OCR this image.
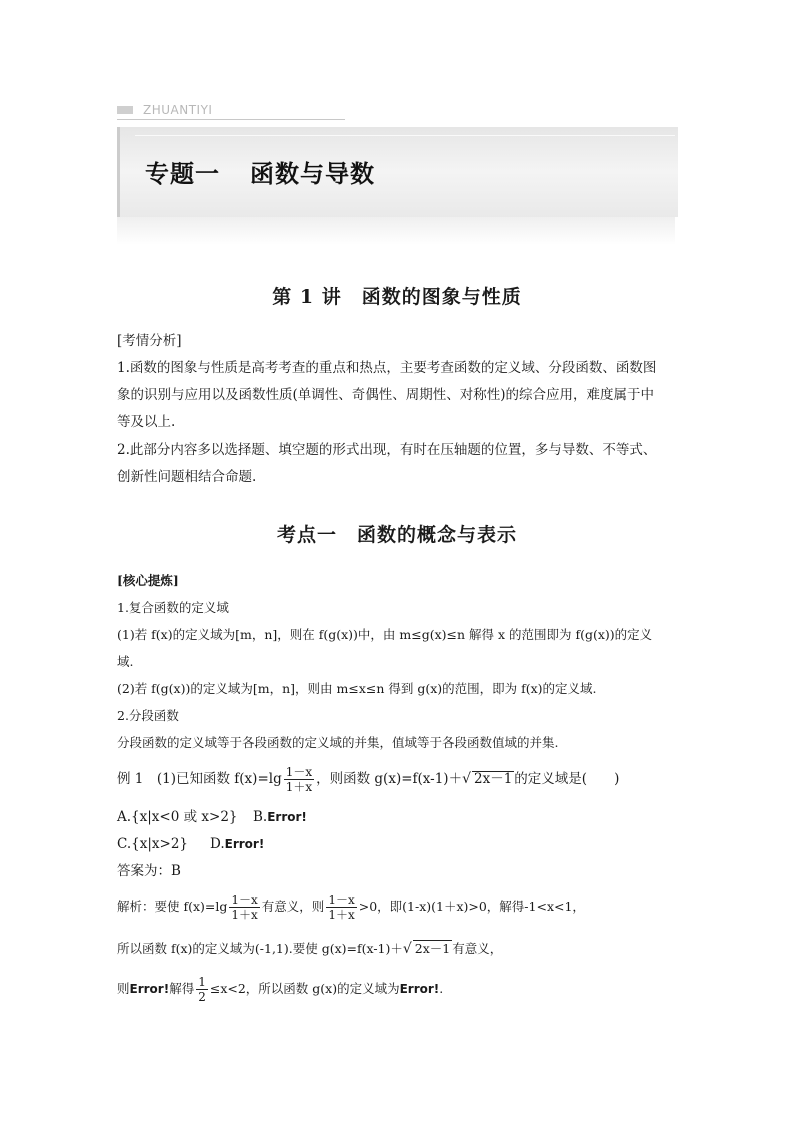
ZHUANTIYI
专题一 函数与导数
第 1 讲　函数的图象与性质
[考情分析]
1.函数的图象与性质是高考考查的重点和热点，主要考查函数的定义域、分段函数、函数图
象的识别与应用以及函数性质(单调性、奇偶性、周期性、对称性)的综合应用，难度属于中
等及以上.
2.此部分内容多以选择题、填空题的形式出现，有时在压轴题的位置，多与导数、不等式、
创新性问题相结合命题.
考点一　函数的概念与表示
[核心提炼]
1.复合函数的定义域
(1)若 f(x)的定义域为[m，n]，则在 f(g(x))中，由 m≤g(x)≤n 解得 x 的范围即为 f(g(x))的定义
域.
(2)若 f(g(x))的定义域为[m，n]，则由 m≤x≤n 得到 g(x)的范围，即为 f(x)的定义域.
2.分段函数
分段函数的定义域等于各段函数的定义域的并集，值域等于各段函数值域的并集.
例 1　(1)已知函数 $f(x)=\lg \frac{1-x}{1+x}$ ，则函数 g(x)=f(x-1)＋√ 2x－1 的定义域是(　　)
A.{x|x<0 或 x>2} B.Error!
C.{x|x>2} D.Error!
答案为：B
解析：要使 $f(x)=\lg \frac{1-x}{1+x}$ 有意义，则 $\frac{1-x}{1+x} >0$，即(1-x)(1＋x)>0，解得-1<x<1，
所以函数 f(x)的定义域为(-1,1).要使 g(x)=f(x-1)＋√ 2x－1 有意义，
则Error!解得 $\frac{1}{2} \le x<2$，所以函数 g(x)的定义域为Error!.
